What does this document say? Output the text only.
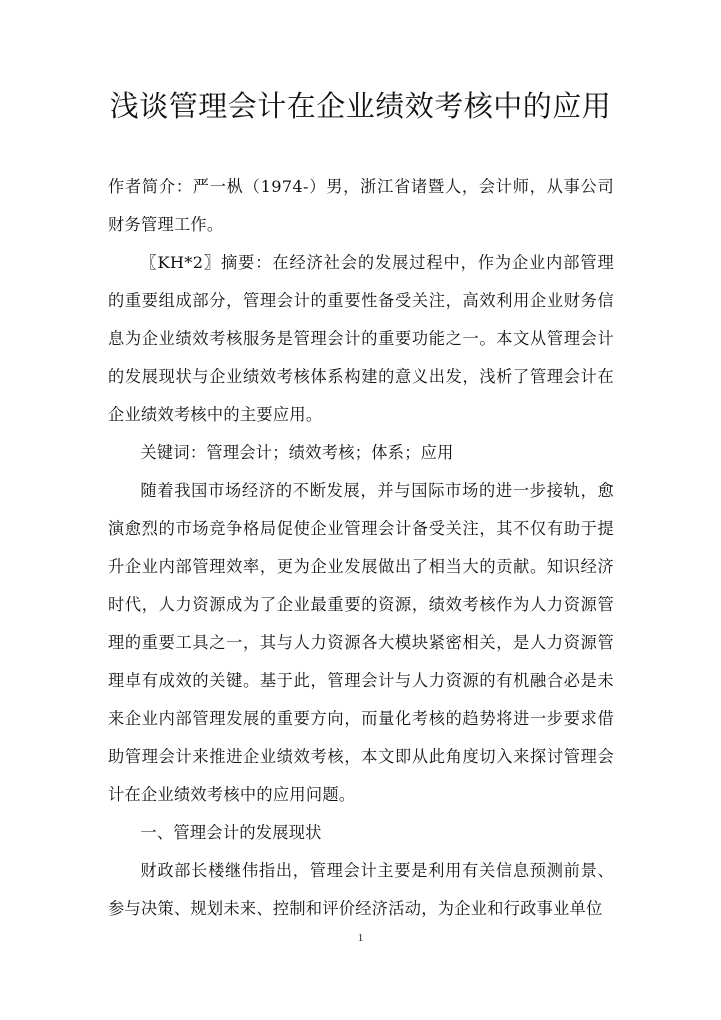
浅谈管理会计在企业绩效考核中的应用

作者简介：严一枞（1974-）男，浙江省诸暨人，会计师，从事公司财务管理工作。

〖KH*2〗摘要：在经济社会的发展过程中，作为企业内部管理的重要组成部分，管理会计的重要性备受关注，高效利用企业财务信息为企业绩效考核服务是管理会计的重要功能之一。本文从管理会计的发展现状与企业绩效考核体系构建的意义出发，浅析了管理会计在企业绩效考核中的主要应用。

关键词：管理会计；绩效考核；体系；应用

随着我国市场经济的不断发展，并与国际市场的进一步接轨，愈演愈烈的市场竞争格局促使企业管理会计备受关注，其不仅有助于提升企业内部管理效率，更为企业发展做出了相当大的贡献。知识经济时代，人力资源成为了企业最重要的资源，绩效考核作为人力资源管理的重要工具之一，其与人力资源各大模块紧密相关，是人力资源管理卓有成效的关键。基于此，管理会计与人力资源的有机融合必是未来企业内部管理发展的重要方向，而量化考核的趋势将进一步要求借助管理会计来推进企业绩效考核，本文即从此角度切入来探讨管理会计在企业绩效考核中的应用问题。

一、管理会计的发展现状

财政部长楼继伟指出，管理会计主要是利用有关信息预测前景、参与决策、规划未来、控制和评价经济活动，为企业和行政事业单位

1
